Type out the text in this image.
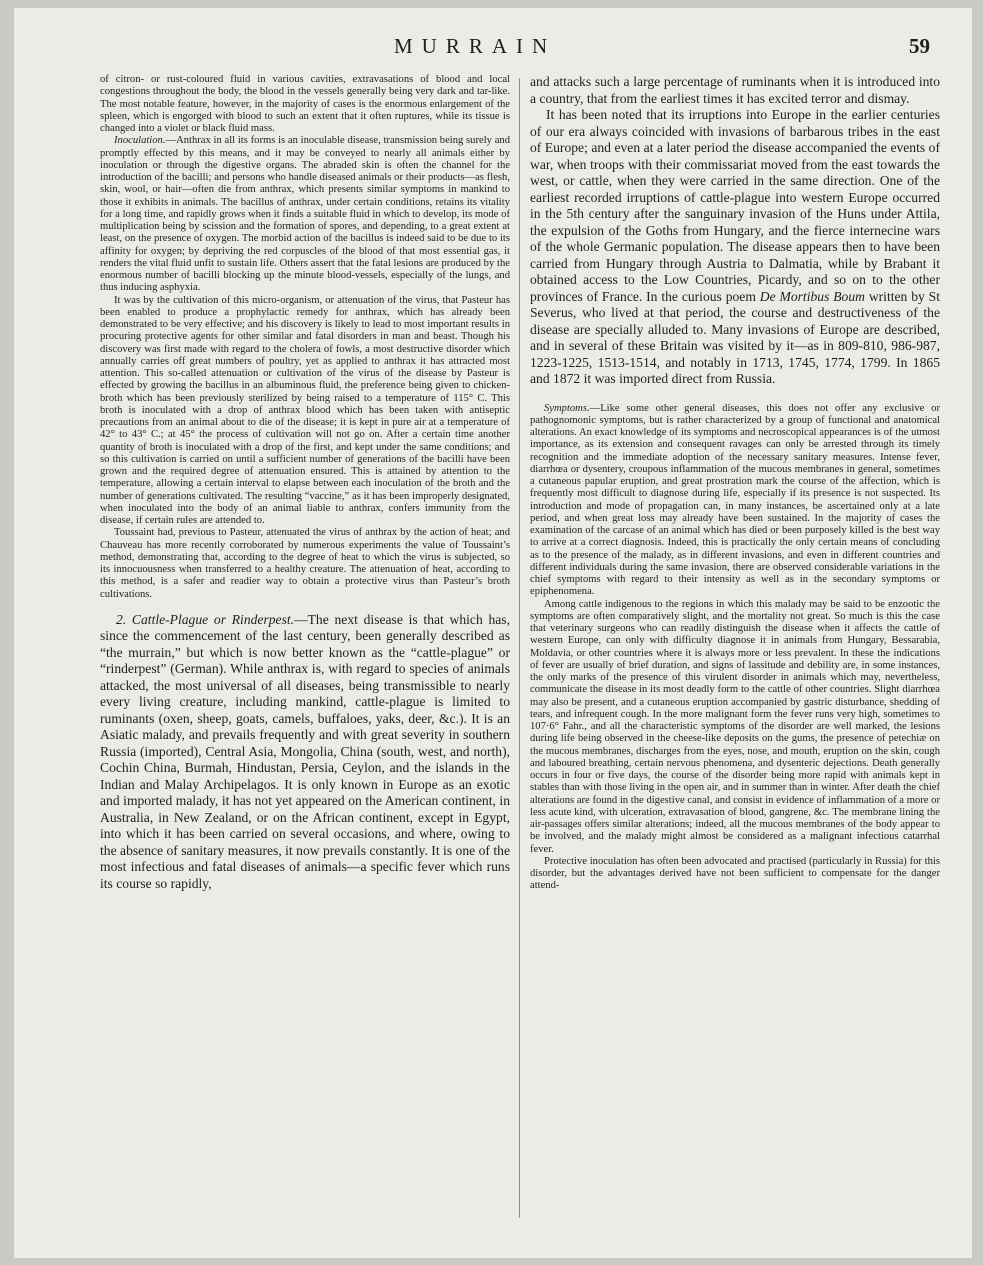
MURRAIN	59

of citron- or rust-coloured fluid in various cavities, extravasations of blood and local congestions throughout the body, the blood in the vessels generally being very dark and tar-like. The most notable feature, however, in the majority of cases is the enormous enlargement of the spleen, which is engorged with blood to such an extent that it often ruptures, while its tissue is changed into a violet or black fluid mass.

Inoculation.—Anthrax in all its forms is an inoculable disease, transmission being surely and promptly effected by this means, and it may be conveyed to nearly all animals either by inoculation or through the digestive organs. The abraded skin is often the channel for the introduction of the bacilli; and persons who handle diseased animals or their products—as flesh, skin, wool, or hair—often die from anthrax, which presents similar symptoms in mankind to those it exhibits in animals. The bacillus of anthrax, under certain conditions, retains its vitality for a long time, and rapidly grows when it finds a suitable fluid in which to develop, its mode of multiplication being by scission and the formation of spores, and depending, to a great extent at least, on the presence of oxygen. The morbid action of the bacillus is indeed said to be due to its affinity for oxygen; by depriving the red corpuscles of the blood of that most essential gas, it renders the vital fluid unfit to sustain life. Others assert that the fatal lesions are produced by the enormous number of bacilli blocking up the minute blood-vessels, especially of the lungs, and thus inducing asphyxia.

It was by the cultivation of this micro-organism, or attenuation of the virus, that Pasteur has been enabled to produce a prophylactic remedy for anthrax, which has already been demonstrated to be very effective; and his discovery is likely to lead to most important results in procuring protective agents for other similar and fatal disorders in man and beast. Though his discovery was first made with regard to the cholera of fowls, a most destructive disorder which annually carries off great numbers of poultry, yet as applied to anthrax it has attracted most attention. This so-called attenuation or cultivation of the virus of the disease by Pasteur is effected by growing the bacillus in an albuminous fluid, the preference being given to chicken-broth which has been previously sterilized by being raised to a temperature of 115° C. This broth is inoculated with a drop of anthrax blood which has been taken with antiseptic precautions from an animal about to die of the disease; it is kept in pure air at a temperature of 42° to 43° C.; at 45° the process of cultivation will not go on. After a certain time another quantity of broth is inoculated with a drop of the first, and kept under the same conditions; and so this cultivation is carried on until a sufficient number of generations of the bacilli have been grown and the required degree of attenuation ensured. This is attained by attention to the temperature, allowing a certain interval to elapse between each inoculation of the broth and the number of generations cultivated. The resulting “vaccine,” as it has been improperly designated, when inoculated into the body of an animal liable to anthrax, confers immunity from the disease, if certain rules are attended to.

Toussaint had, previous to Pasteur, attenuated the virus of anthrax by the action of heat; and Chauveau has more recently corroborated by numerous experiments the value of Toussaint’s method, demonstrating that, according to the degree of heat to which the virus is subjected, so its innocuousness when transferred to a healthy creature. The attenuation of heat, according to this method, is a safer and readier way to obtain a protective virus than Pasteur’s broth cultivations.

2. Cattle-Plague or Rinderpest.—The next disease is that which has, since the commencement of the last century, been generally described as “the murrain,” but which is now better known as the “cattle-plague” or “rinderpest” (German). While anthrax is, with regard to species of animals attacked, the most universal of all diseases, being transmissible to nearly every living creature, including mankind, cattle-plague is limited to ruminants (oxen, sheep, goats, camels, buffaloes, yaks, deer, &c.). It is an Asiatic malady, and prevails frequently and with great severity in southern Russia (imported), Central Asia, Mongolia, China (south, west, and north), Cochin China, Burmah, Hindustan, Persia, Ceylon, and the islands in the Indian and Malay Archipelagos. It is only known in Europe as an exotic and imported malady, it has not yet appeared on the American continent, in Australia, in New Zealand, or on the African continent, except in Egypt, into which it has been carried on several occasions, and where, owing to the absence of sanitary measures, it now prevails constantly. It is one of the most infectious and fatal diseases of animals—a specific fever which runs its course so rapidly,

and attacks such a large percentage of ruminants when it is introduced into a country, that from the earliest times it has excited terror and dismay.

It has been noted that its irruptions into Europe in the earlier centuries of our era always coincided with invasions of barbarous tribes in the east of Europe; and even at a later period the disease accompanied the events of war, when troops with their commissariat moved from the east towards the west, or cattle, when they were carried in the same direction. One of the earliest recorded irruptions of cattle-plague into western Europe occurred in the 5th century after the sanguinary invasion of the Huns under Attila, the expulsion of the Goths from Hungary, and the fierce internecine wars of the whole Germanic population. The disease appears then to have been carried from Hungary through Austria to Dalmatia, while by Brabant it obtained access to the Low Countries, Picardy, and so on to the other provinces of France. In the curious poem De Mortibus Boum written by St Severus, who lived at that period, the course and destructiveness of the disease are specially alluded to. Many invasions of Europe are described, and in several of these Britain was visited by it—as in 809-810, 986-987, 1223-1225, 1513-1514, and notably in 1713, 1745, 1774, 1799. In 1865 and 1872 it was imported direct from Russia.

Symptoms.—Like some other general diseases, this does not offer any exclusive or pathognomonic symptoms, but is rather characterized by a group of functional and anatomical alterations. An exact knowledge of its symptoms and necroscopical appearances is of the utmost importance, as its extension and consequent ravages can only be arrested through its timely recognition and the immediate adoption of the necessary sanitary measures. Intense fever, diarrhœa or dysentery, croupous inflammation of the mucous membranes in general, sometimes a cutaneous papular eruption, and great prostration mark the course of the affection, which is frequently most difficult to diagnose during life, especially if its presence is not suspected. Its introduction and mode of propagation can, in many instances, be ascertained only at a late period, and when great loss may already have been sustained. In the majority of cases the examination of the carcase of an animal which has died or been purposely killed is the best way to arrive at a correct diagnosis. Indeed, this is practically the only certain means of concluding as to the presence of the malady, as in different invasions, and even in different countries and different individuals during the same invasion, there are observed considerable variations in the chief symptoms with regard to their intensity as well as in the secondary symptoms or epiphenomena.

Among cattle indigenous to the regions in which this malady may be said to be enzootic the symptoms are often comparatively slight, and the mortality not great. So much is this the case that veterinary surgeons who can readily distinguish the disease when it affects the cattle of western Europe, can only with difficulty diagnose it in animals from Hungary, Bessarabia, Moldavia, or other countries where it is always more or less prevalent. In these the indications of fever are usually of brief duration, and signs of lassitude and debility are, in some instances, the only marks of the presence of this virulent disorder in animals which may, nevertheless, communicate the disease in its most deadly form to the cattle of other countries. Slight diarrhœa may also be present, and a cutaneous eruption accompanied by gastric disturbance, shedding of tears, and infrequent cough. In the more malignant form the fever runs very high, sometimes to 107·6° Fahr., and all the characteristic symptoms of the disorder are well marked, the lesions during life being observed in the cheese-like deposits on the gums, the presence of petechiæ on the mucous membranes, discharges from the eyes, nose, and mouth, eruption on the skin, cough and laboured breathing, certain nervous phenomena, and dysenteric dejections. Death generally occurs in four or five days, the course of the disorder being more rapid with animals kept in stables than with those living in the open air, and in summer than in winter. After death the chief alterations are found in the digestive canal, and consist in evidence of inflammation of a more or less acute kind, with ulceration, extravasation of blood, gangrene, &c. The membrane lining the air-passages offers similar alterations; indeed, all the mucous membranes of the body appear to be involved, and the malady might almost be considered as a malignant infectious catarrhal fever.

Protective inoculation has often been advocated and practised (particularly in Russia) for this disorder, but the advantages derived have not been sufficient to compensate for the danger attend-
